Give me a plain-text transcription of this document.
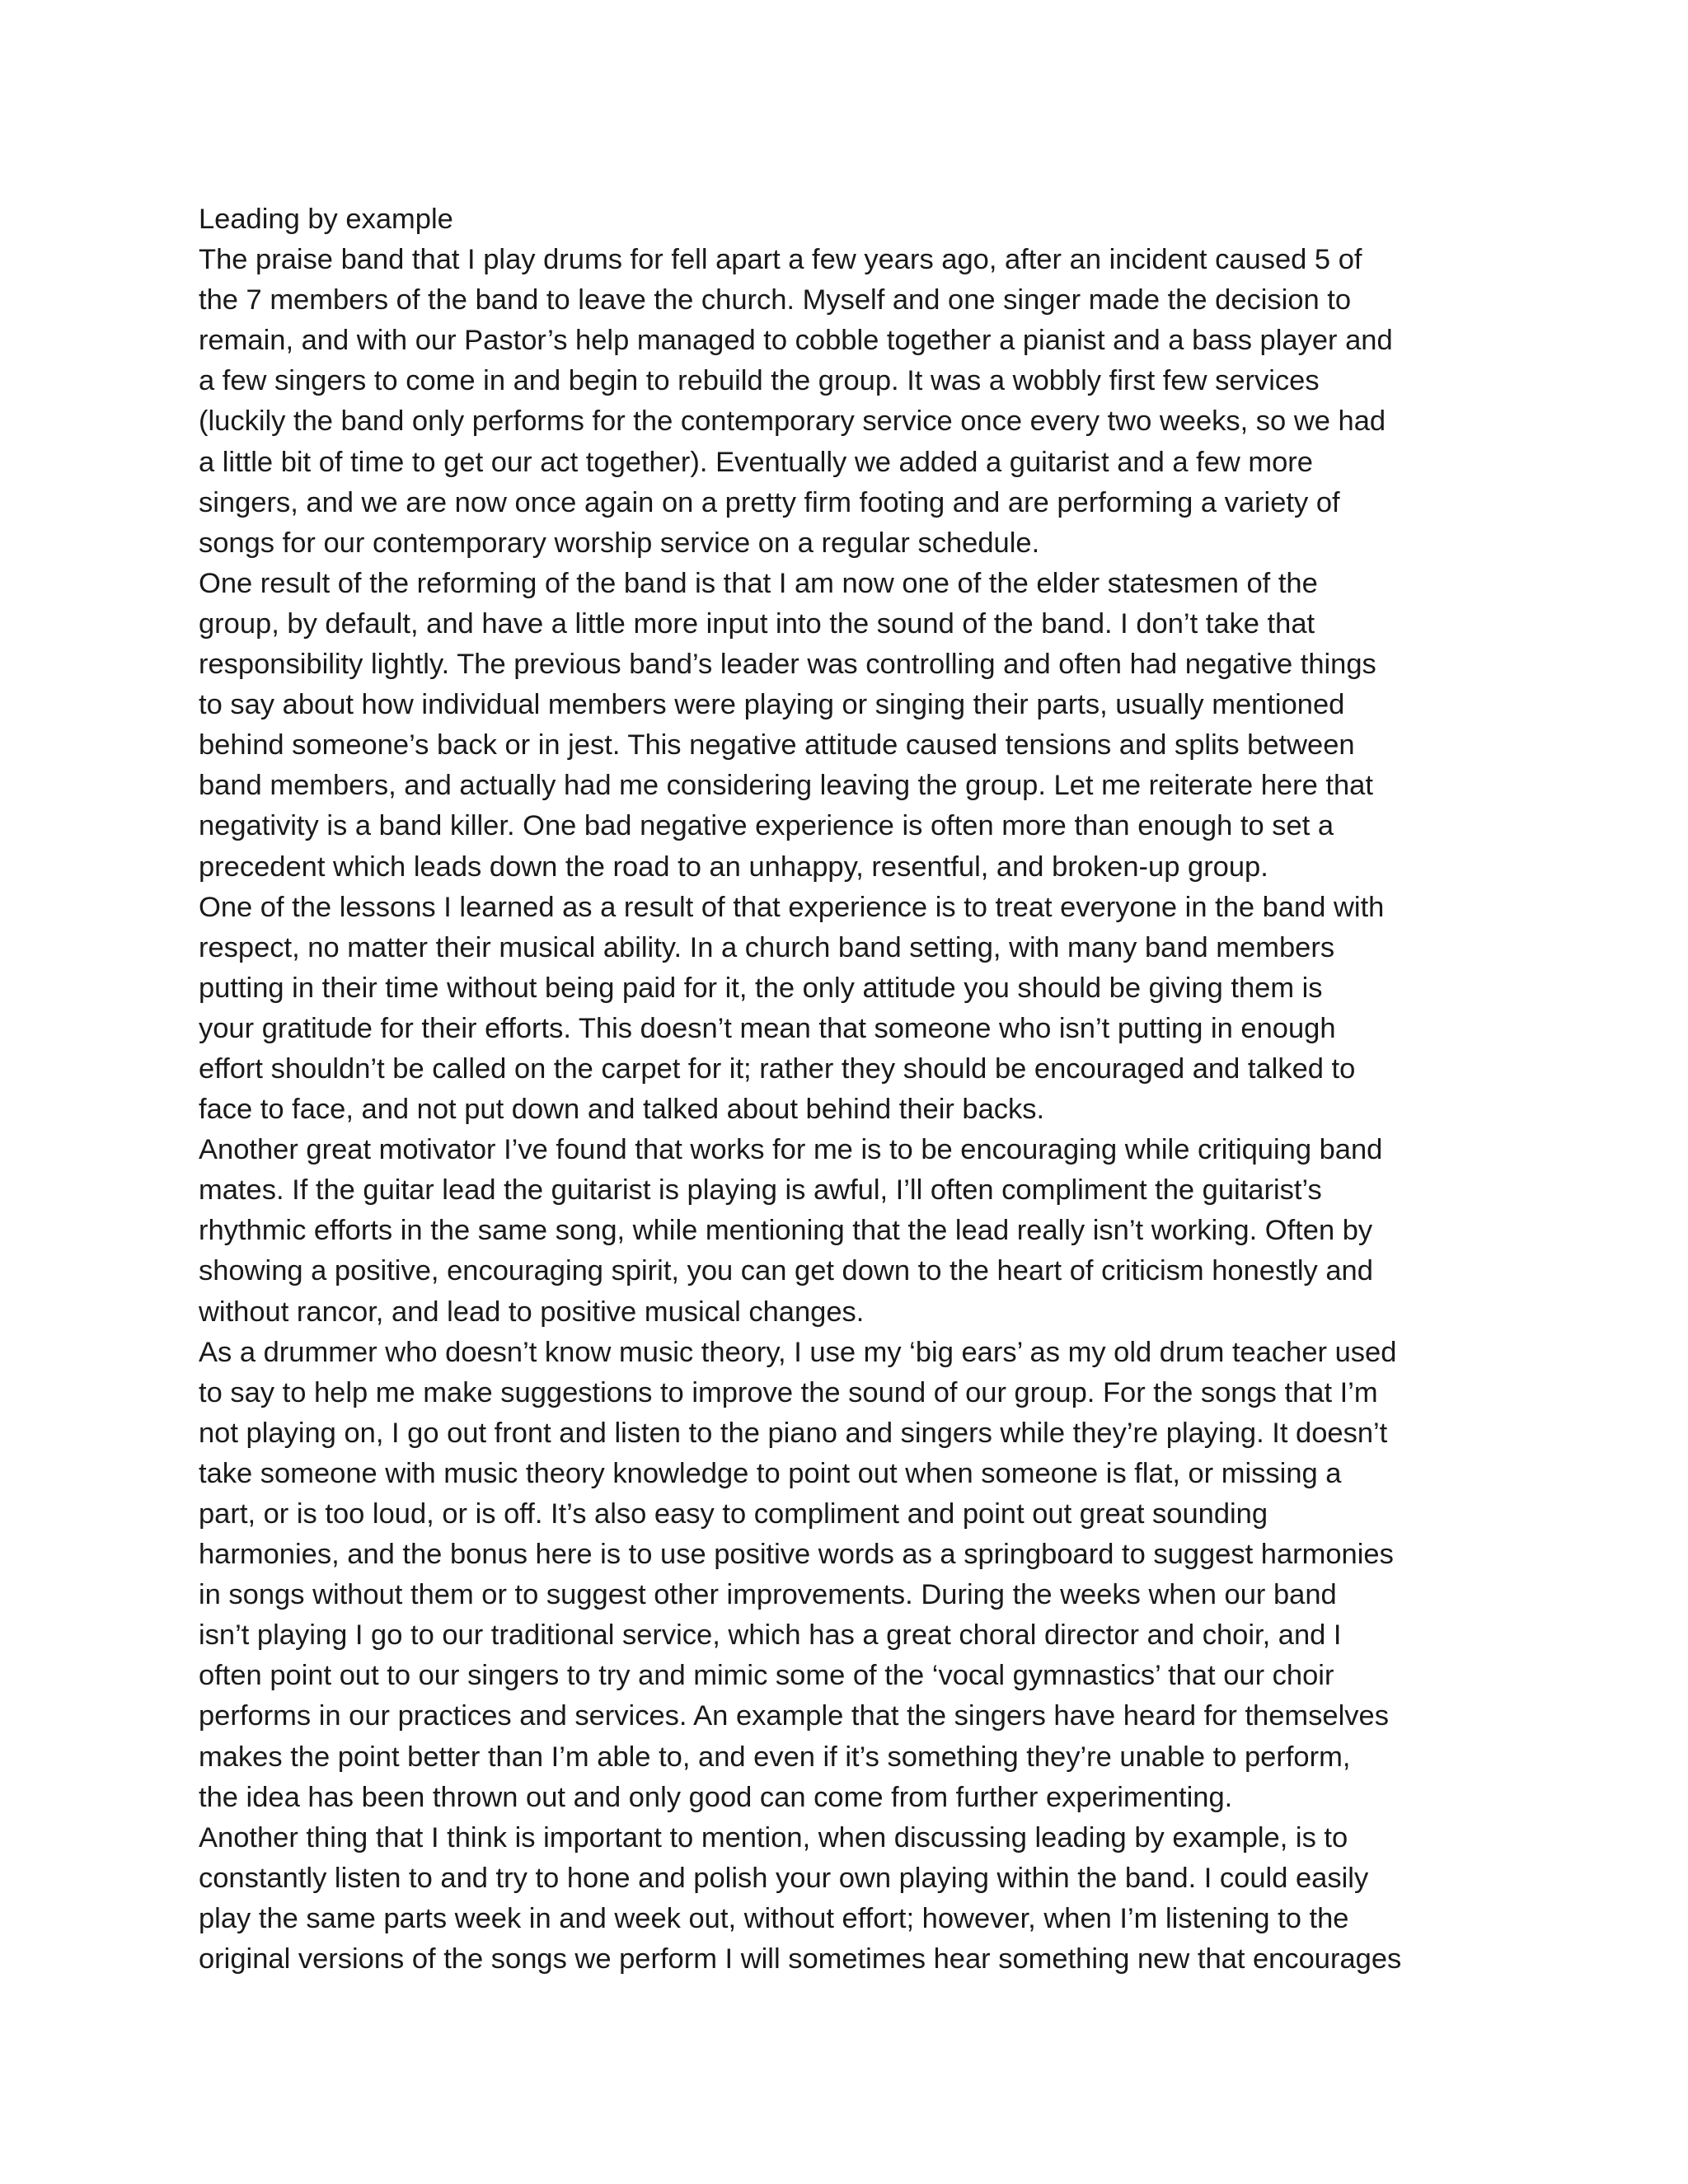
Leading by example
The praise band that I play drums for fell apart a few years ago, after an incident caused 5 of
the 7 members of the band to leave the church. Myself and one singer made the decision to
remain, and with our Pastor’s help managed to cobble together a pianist and a bass player and
a few singers to come in and begin to rebuild the group. It was a wobbly first few services
(luckily the band only performs for the contemporary service once every two weeks, so we had
a little bit of time to get our act together). Eventually we added a guitarist and a few more
singers, and we are now once again on a pretty firm footing and are performing a variety of
songs for our contemporary worship service on a regular schedule.
One result of the reforming of the band is that I am now one of the elder statesmen of the
group, by default, and have a little more input into the sound of the band. I don’t take that
responsibility lightly. The previous band’s leader was controlling and often had negative things
to say about how individual members were playing or singing their parts, usually mentioned
behind someone’s back or in jest. This negative attitude caused tensions and splits between
band members, and actually had me considering leaving the group. Let me reiterate here that
negativity is a band killer. One bad negative experience is often more than enough to set a
precedent which leads down the road to an unhappy, resentful, and broken-up group.
One of the lessons I learned as a result of that experience is to treat everyone in the band with
respect, no matter their musical ability. In a church band setting, with many band members
putting in their time without being paid for it, the only attitude you should be giving them is
your gratitude for their efforts. This doesn’t mean that someone who isn’t putting in enough
effort shouldn’t be called on the carpet for it; rather they should be encouraged and talked to
face to face, and not put down and talked about behind their backs.
Another great motivator I’ve found that works for me is to be encouraging while critiquing band
mates. If the guitar lead the guitarist is playing is awful, I’ll often compliment the guitarist’s
rhythmic efforts in the same song, while mentioning that the lead really isn’t working. Often by
showing a positive, encouraging spirit, you can get down to the heart of criticism honestly and
without rancor, and lead to positive musical changes.
As a drummer who doesn’t know music theory, I use my ‘big ears’ as my old drum teacher used
to say to help me make suggestions to improve the sound of our group. For the songs that I’m
not playing on, I go out front and listen to the piano and singers while they’re playing. It doesn’t
take someone with music theory knowledge to point out when someone is flat, or missing a
part, or is too loud, or is off. It’s also easy to compliment and point out great sounding
harmonies, and the bonus here is to use positive words as a springboard to suggest harmonies
in songs without them or to suggest other improvements. During the weeks when our band
isn’t playing I go to our traditional service, which has a great choral director and choir, and I
often point out to our singers to try and mimic some of the ‘vocal gymnastics’ that our choir
performs in our practices and services. An example that the singers have heard for themselves
makes the point better than I’m able to, and even if it’s something they’re unable to perform,
the idea has been thrown out and only good can come from further experimenting.
Another thing that I think is important to mention, when discussing leading by example, is to
constantly listen to and try to hone and polish your own playing within the band. I could easily
play the same parts week in and week out, without effort; however, when I’m listening to the
original versions of the songs we perform I will sometimes hear something new that encourages
